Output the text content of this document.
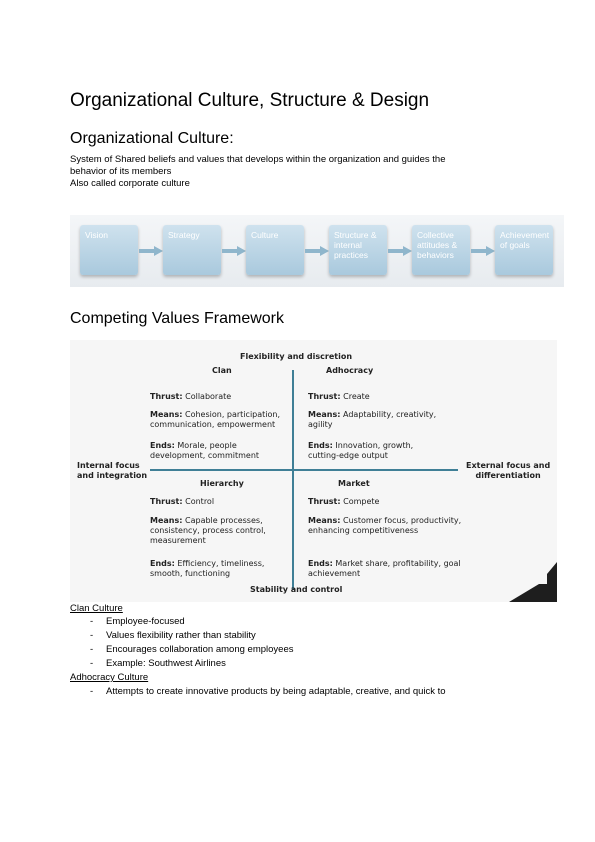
Organizational Culture, Structure & Design
Organizational Culture:
System of Shared beliefs and values that develops within the organization and guides the
behavior of its members
Also called corporate culture
Vision	Strategy	Culture	Structure & internal practices
Collective attitudes & behaviors
Achievement of goals
Competing Values Framework
Flexibility and discretion
Stability and control
Internal focus
and integration
External focus and
differentiation
Clan
Thrust: Collaborate
Means: Cohesion, participation,
communication, empowerment
Ends: Morale, people
development, commitment
Adhocracy
Thrust: Create
Means: Adaptability, creativity,
agility
Ends: Innovation, growth,
cutting-edge output
Hierarchy
Thrust: Control
Means: Capable processes,
consistency, process control,
measurement
Ends: Efficiency, timeliness,
smooth, functioning
Market
Thrust: Compete
Means: Customer focus, productivity,
enhancing competitiveness
Ends: Market share, profitability, goal
achievement
Clan Culture
- Employee-focused
- Values flexibility rather than stability
- Encourages collaboration among employees
- Example: Southwest Airlines
Adhocracy Culture
- Attempts to create innovative products by being adaptable, creative, and quick to
